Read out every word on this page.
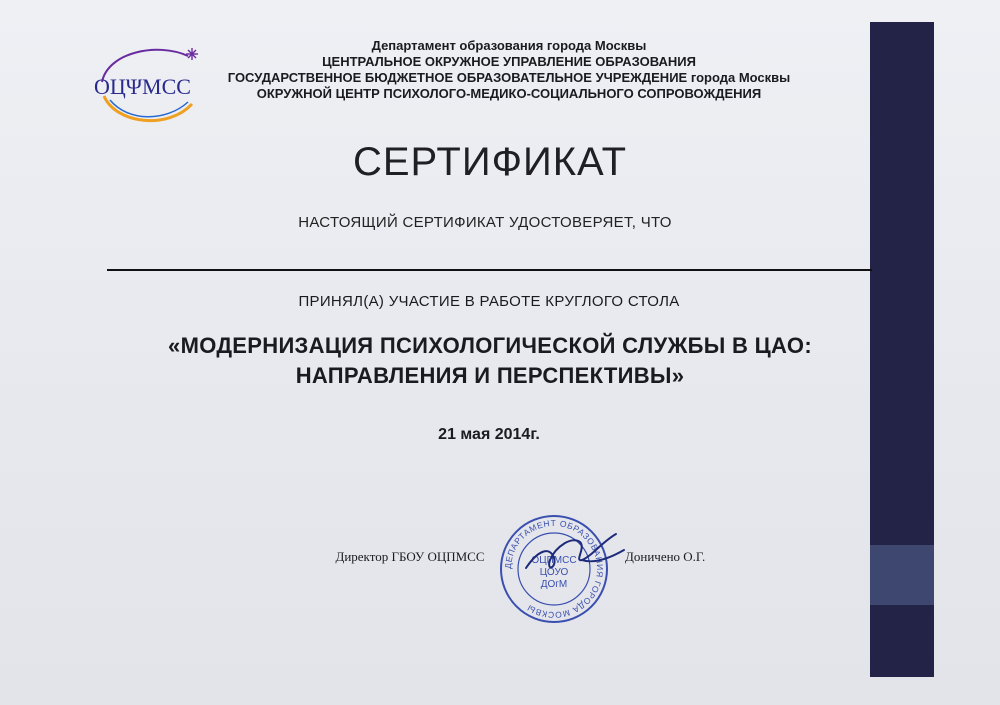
ОЦΨМСС
Департамент образования города Москвы
ЦЕНТРАЛЬНОЕ ОКРУЖНОЕ УПРАВЛЕНИЕ ОБРАЗОВАНИЯ
ГОСУДАРСТВЕННОЕ БЮДЖЕТНОЕ ОБРАЗОВАТЕЛЬНОЕ УЧРЕЖДЕНИЕ города Москвы
ОКРУЖНОЙ ЦЕНТР ПСИХОЛОГО-МЕДИКО-СОЦИАЛЬНОГО СОПРОВОЖДЕНИЯ
СЕРТИФИКАТ
НАСТОЯЩИЙ СЕРТИФИКАТ УДОСТОВЕРЯЕТ, ЧТО
ПРИНЯЛ(А) УЧАСТИЕ В РАБОТЕ КРУГЛОГО СТОЛА
«МОДЕРНИЗАЦИЯ ПСИХОЛОГИЧЕСКОЙ СЛУЖБЫ В ЦАО:
НАПРАВЛЕНИЯ И ПЕРСПЕКТИВЫ»
21 мая 2014г.
Директор ГБОУ ОЦПМСС
ДЕПАРТАМЕНТ ОБРАЗОВАНИЯ ГОРОДА МОСКВЫ
ОЦПМСС
ЦОУО
ДОгМ
Доничено О.Г.
